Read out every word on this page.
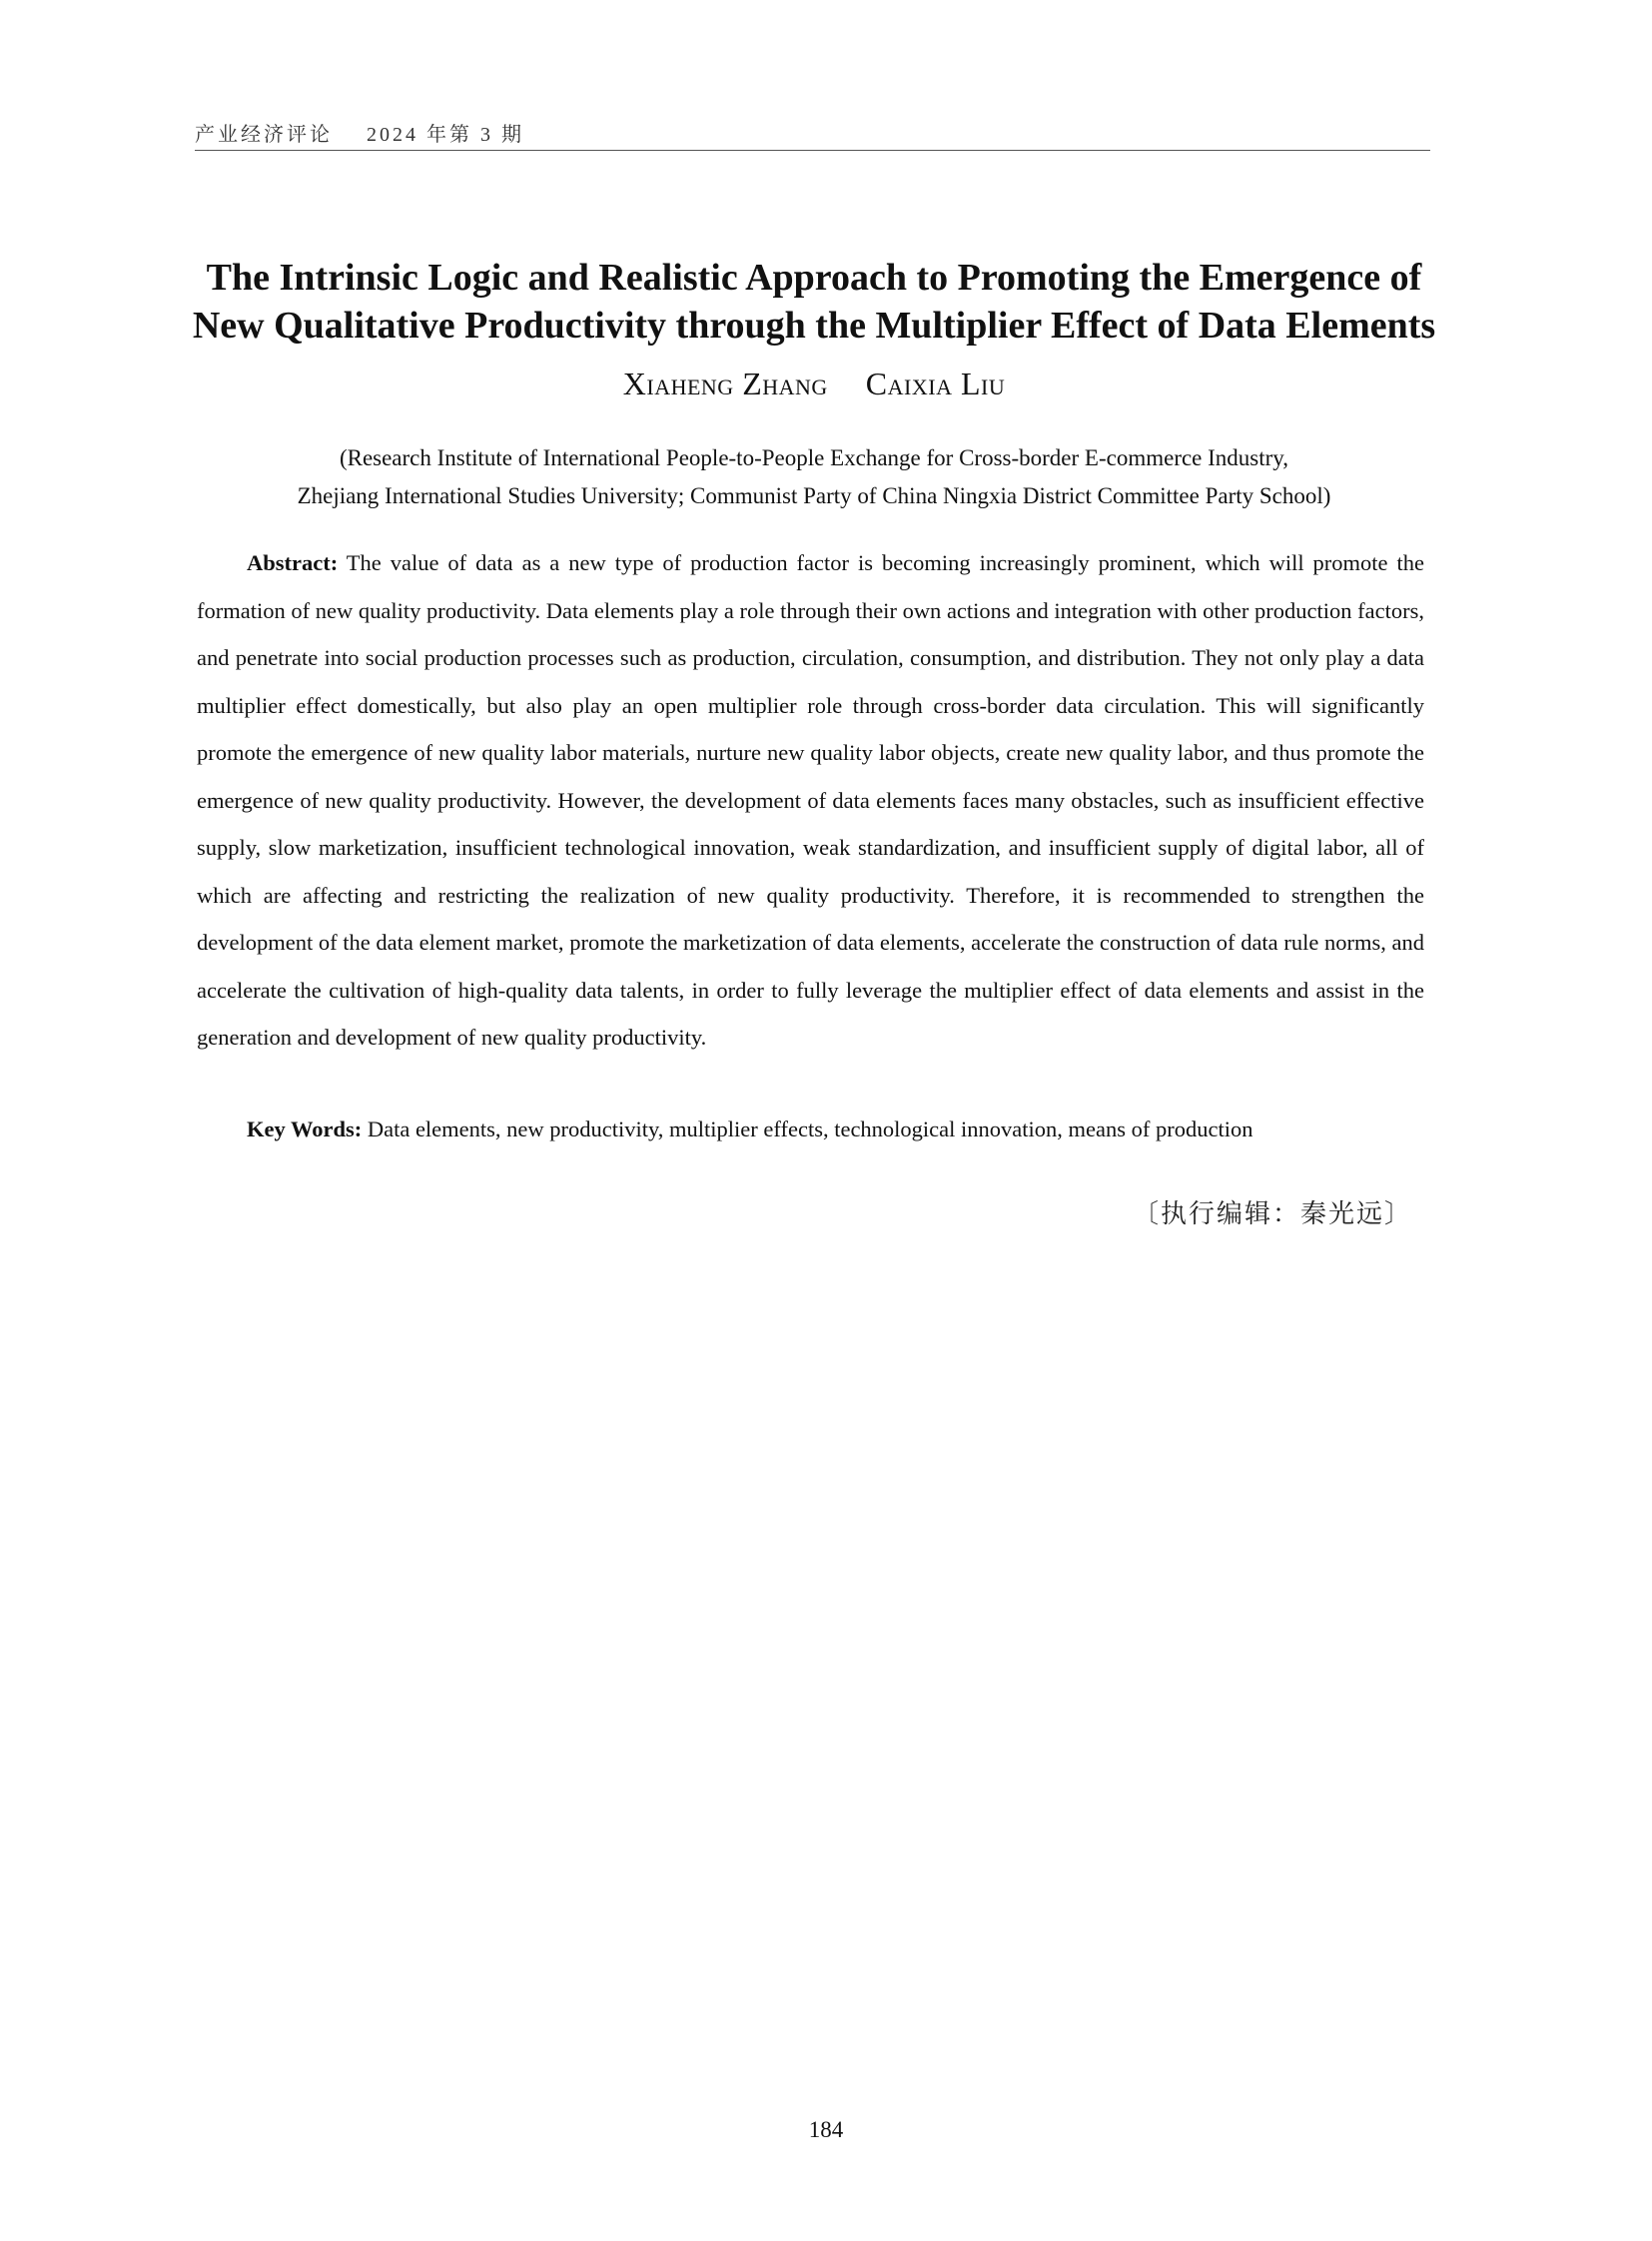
产业经济评论 2024 年第 3 期
The Intrinsic Logic and Realistic Approach to Promoting the Emergence of
New Qualitative Productivity through the Multiplier Effect of Data Elements
Xiaheng Zhang Caixia Liu
(Research Institute of International People-to-People Exchange for Cross-border E-commerce Industry,
Zhejiang International Studies University; Communist Party of China Ningxia District Committee Party School)

Abstract: The value of data as a new type of production factor is becoming increasingly prominent, which will promote the formation of new quality productivity. Data elements play a role through their own actions and integration with other production factors, and penetrate into social production processes such as production, circulation, consumption, and distribution. They not only play a data multiplier effect domestically, but also play an open multiplier role through cross-border data circulation. This will significantly promote the emergence of new quality labor materials, nurture new quality labor objects, create new quality labor, and thus promote the emergence of new quality productivity. However, the development of data elements faces many obstacles, such as insufficient effective supply, slow marketization, insufficient technological innovation, weak standardization, and insufficient supply of digital labor, all of which are affecting and restricting the realization of new quality productivity. Therefore, it is recommended to strengthen the development of the data element market, promote the marketization of data elements, accelerate the construction of data rule norms, and accelerate the cultivation of high-quality data talents, in order to fully leverage the multiplier effect of data elements and assist in the generation and development of new quality productivity.

Key Words: Data elements, new productivity, multiplier effects, technological innovation, means of production

〔执行编辑：秦光远〕
184
